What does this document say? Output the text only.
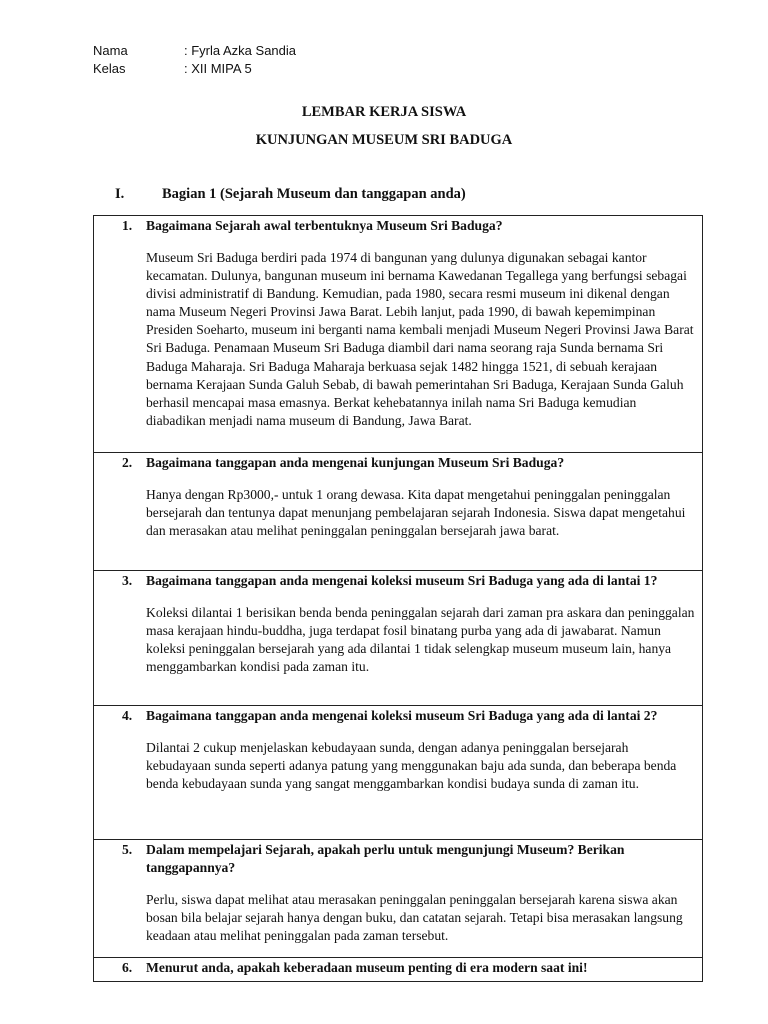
Nama	: Fyrla Azka Sandia
Kelas	: XII MIPA 5
LEMBAR KERJA SISWA
KUNJUNGAN MUSEUM SRI BADUGA
I.	Bagian 1 (Sejarah Museum dan tanggapan anda)
1.	Bagaimana Sejarah awal terbentuknya Museum Sri Baduga?
Museum Sri Baduga berdiri pada 1974 di bangunan yang dulunya digunakan sebagai kantor kecamatan. Dulunya, bangunan museum ini bernama Kawedanan Tegallega yang berfungsi sebagai divisi administratif di Bandung. Kemudian, pada 1980, secara resmi museum ini dikenal dengan nama Museum Negeri Provinsi Jawa Barat. Lebih lanjut, pada 1990, di bawah kepemimpinan Presiden Soeharto, museum ini berganti nama kembali menjadi Museum Negeri Provinsi Jawa Barat Sri Baduga. Penamaan Museum Sri Baduga diambil dari nama seorang raja Sunda bernama Sri Baduga Maharaja. Sri Baduga Maharaja berkuasa sejak 1482 hingga 1521, di sebuah kerajaan bernama Kerajaan Sunda Galuh Sebab, di bawah pemerintahan Sri Baduga, Kerajaan Sunda Galuh berhasil mencapai masa emasnya. Berkat kehebatannya inilah nama Sri Baduga kemudian diabadikan menjadi nama museum di Bandung, Jawa Barat.
2.	Bagaimana tanggapan anda mengenai kunjungan Museum Sri Baduga?
Hanya dengan Rp3000,- untuk 1 orang dewasa. Kita dapat mengetahui peninggalan peninggalan bersejarah dan tentunya dapat menunjang pembelajaran sejarah Indonesia. Siswa dapat mengetahui dan merasakan atau melihat peninggalan peninggalan bersejarah jawa barat.
3.	Bagaimana tanggapan anda mengenai koleksi museum Sri Baduga yang ada di lantai 1?
Koleksi dilantai 1 berisikan benda benda peninggalan sejarah dari zaman pra askara dan peninggalan masa kerajaan hindu-buddha, juga terdapat fosil binatang purba yang ada di jawabarat. Namun koleksi peninggalan bersejarah yang ada dilantai 1 tidak selengkap museum museum lain, hanya menggambarkan kondisi pada zaman itu.
4.	Bagaimana tanggapan anda mengenai koleksi museum Sri Baduga yang ada di lantai 2?
Dilantai 2 cukup menjelaskan kebudayaan sunda, dengan adanya peninggalan bersejarah kebudayaan sunda seperti adanya patung yang menggunakan baju ada sunda, dan beberapa benda benda kebudayaan sunda yang sangat menggambarkan kondisi budaya sunda di zaman itu.
5.	Dalam mempelajari Sejarah, apakah perlu untuk mengunjungi Museum? Berikan tanggapannya?
Perlu, siswa dapat melihat atau merasakan peninggalan peninggalan bersejarah karena siswa akan bosan bila belajar sejarah hanya dengan buku, dan catatan sejarah. Tetapi bisa merasakan langsung keadaan atau melihat peninggalan pada zaman tersebut.
6.	Menurut anda, apakah keberadaan museum penting di era modern saat ini!
